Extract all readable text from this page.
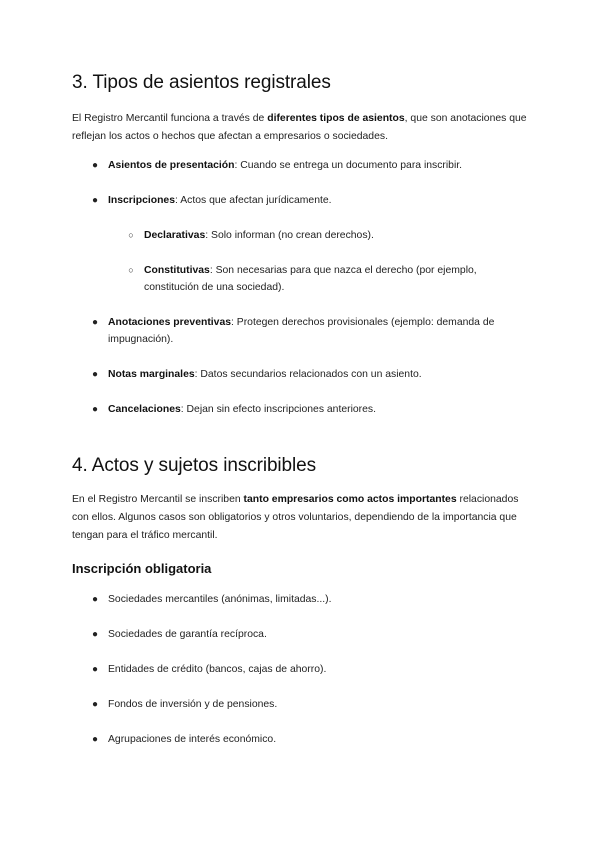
3. Tipos de asientos registrales
El Registro Mercantil funciona a través de diferentes tipos de asientos, que son anotaciones que reflejan los actos o hechos que afectan a empresarios o sociedades.
● Asientos de presentación: Cuando se entrega un documento para inscribir.
● Inscripciones: Actos que afectan jurídicamente.
○ Declarativas: Solo informan (no crean derechos).
○ Constitutivas: Son necesarias para que nazca el derecho (por ejemplo, constitución de una sociedad).
● Anotaciones preventivas: Protegen derechos provisionales (ejemplo: demanda de impugnación).
● Notas marginales: Datos secundarios relacionados con un asiento.
● Cancelaciones: Dejan sin efecto inscripciones anteriores.
4. Actos y sujetos inscribibles
En el Registro Mercantil se inscriben tanto empresarios como actos importantes relacionados con ellos. Algunos casos son obligatorios y otros voluntarios, dependiendo de la importancia que tengan para el tráfico mercantil.
Inscripción obligatoria
● Sociedades mercantiles (anónimas, limitadas...).
● Sociedades de garantía recíproca.
● Entidades de crédito (bancos, cajas de ahorro).
● Fondos de inversión y de pensiones.
● Agrupaciones de interés económico.
